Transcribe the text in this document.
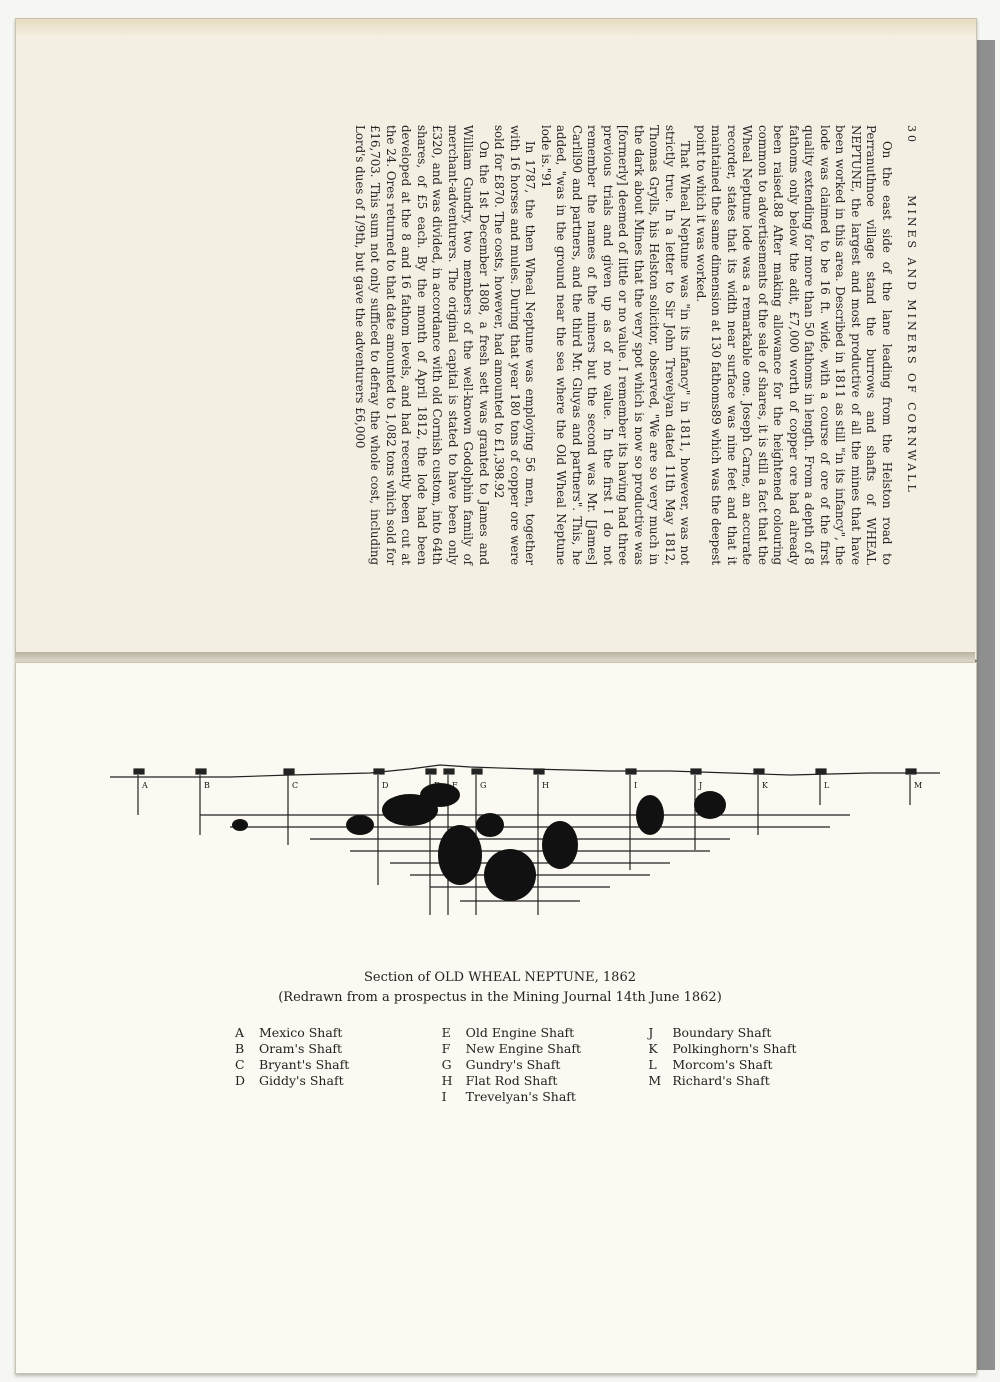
30
MINES AND MINERS OF CORNWALL

On the east side of the lane leading from the Helston road to Perranuthnoe village stand the burrows and shafts of WHEAL NEPTUNE, the largest and most productive of all the mines that have been worked in this area. Described in 1811 as still "in its infancy", the lode was claimed to be 16 ft. wide, with a course of ore of the first quality extending for more than 50 fathoms in length. From a depth of 8 fathoms only below the adit, £7,000 worth of copper ore had already been raised.88 After making allowance for the heightened colouring common to advertisements of the sale of shares, it is still a fact that the Wheal Neptune lode was a remarkable one. Joseph Carne, an accurate recorder, states that its width near surface was nine feet and that it maintained the same dimension at 130 fathoms89 which was the deepest point to which it was worked.

That Wheal Neptune was "in its infancy" in 1811, however, was not strictly true. In a letter to Sir John Trevelyan dated 11th May 1812, Thomas Grylls, his Helston solicitor, observed, "We are so very much in the dark about Mines that the very spot which is now so productive was [formerly] deemed of little or no value. I remember its having had three previous trials and given up as of no value. In the first I do not remember the names of the miners but the second was Mr. [James] Carlil90 and partners, and the third Mr. Gluyas and partners". This, he added, "was in the ground near the sea where the Old Wheal Neptune lode is."91

In 1787, the then Wheal Neptune was employing 56 men, together with 16 horses and mules. During that year 180 tons of copper ore were sold for £870. The costs, however, had amounted to £1,398.92

On the 1st December 1808, a fresh sett was granted to James and William Gundry, two members of the well-known Godolphin family of merchant-adventurers. The original capital is stated to have been only £320, and was divided, in accordance with old Cornish custom, into 64th shares, of £5 each. By the month of April 1812, the lode had been developed at the 8 and 16 fathom levels, and had recently been cut at the 24. Ores returned to that date amounted to 1,082 tons which sold for £16,703. This sum not only sufficed to defray the whole cost, including Lord's dues of 1/9th, but gave the adventurers £6,000

A	B	C	D	E F	G	H	I	J	K	L	M
Section of OLD WHEAL NEPTUNE, 1862
(Redrawn from a prospectus in the Mining Journal 14th June 1862)
A	Mexico Shaft
B	Oram's Shaft
C	Bryant's Shaft
D	Giddy's Shaft
E	Old Engine Shaft
F	New Engine Shaft
G	Gundry's Shaft
H	Flat Rod Shaft
I	Trevelyan's Shaft
J	Boundary Shaft
K	Polkinghorn's Shaft
L	Morcom's Shaft
M Richard's Shaft
